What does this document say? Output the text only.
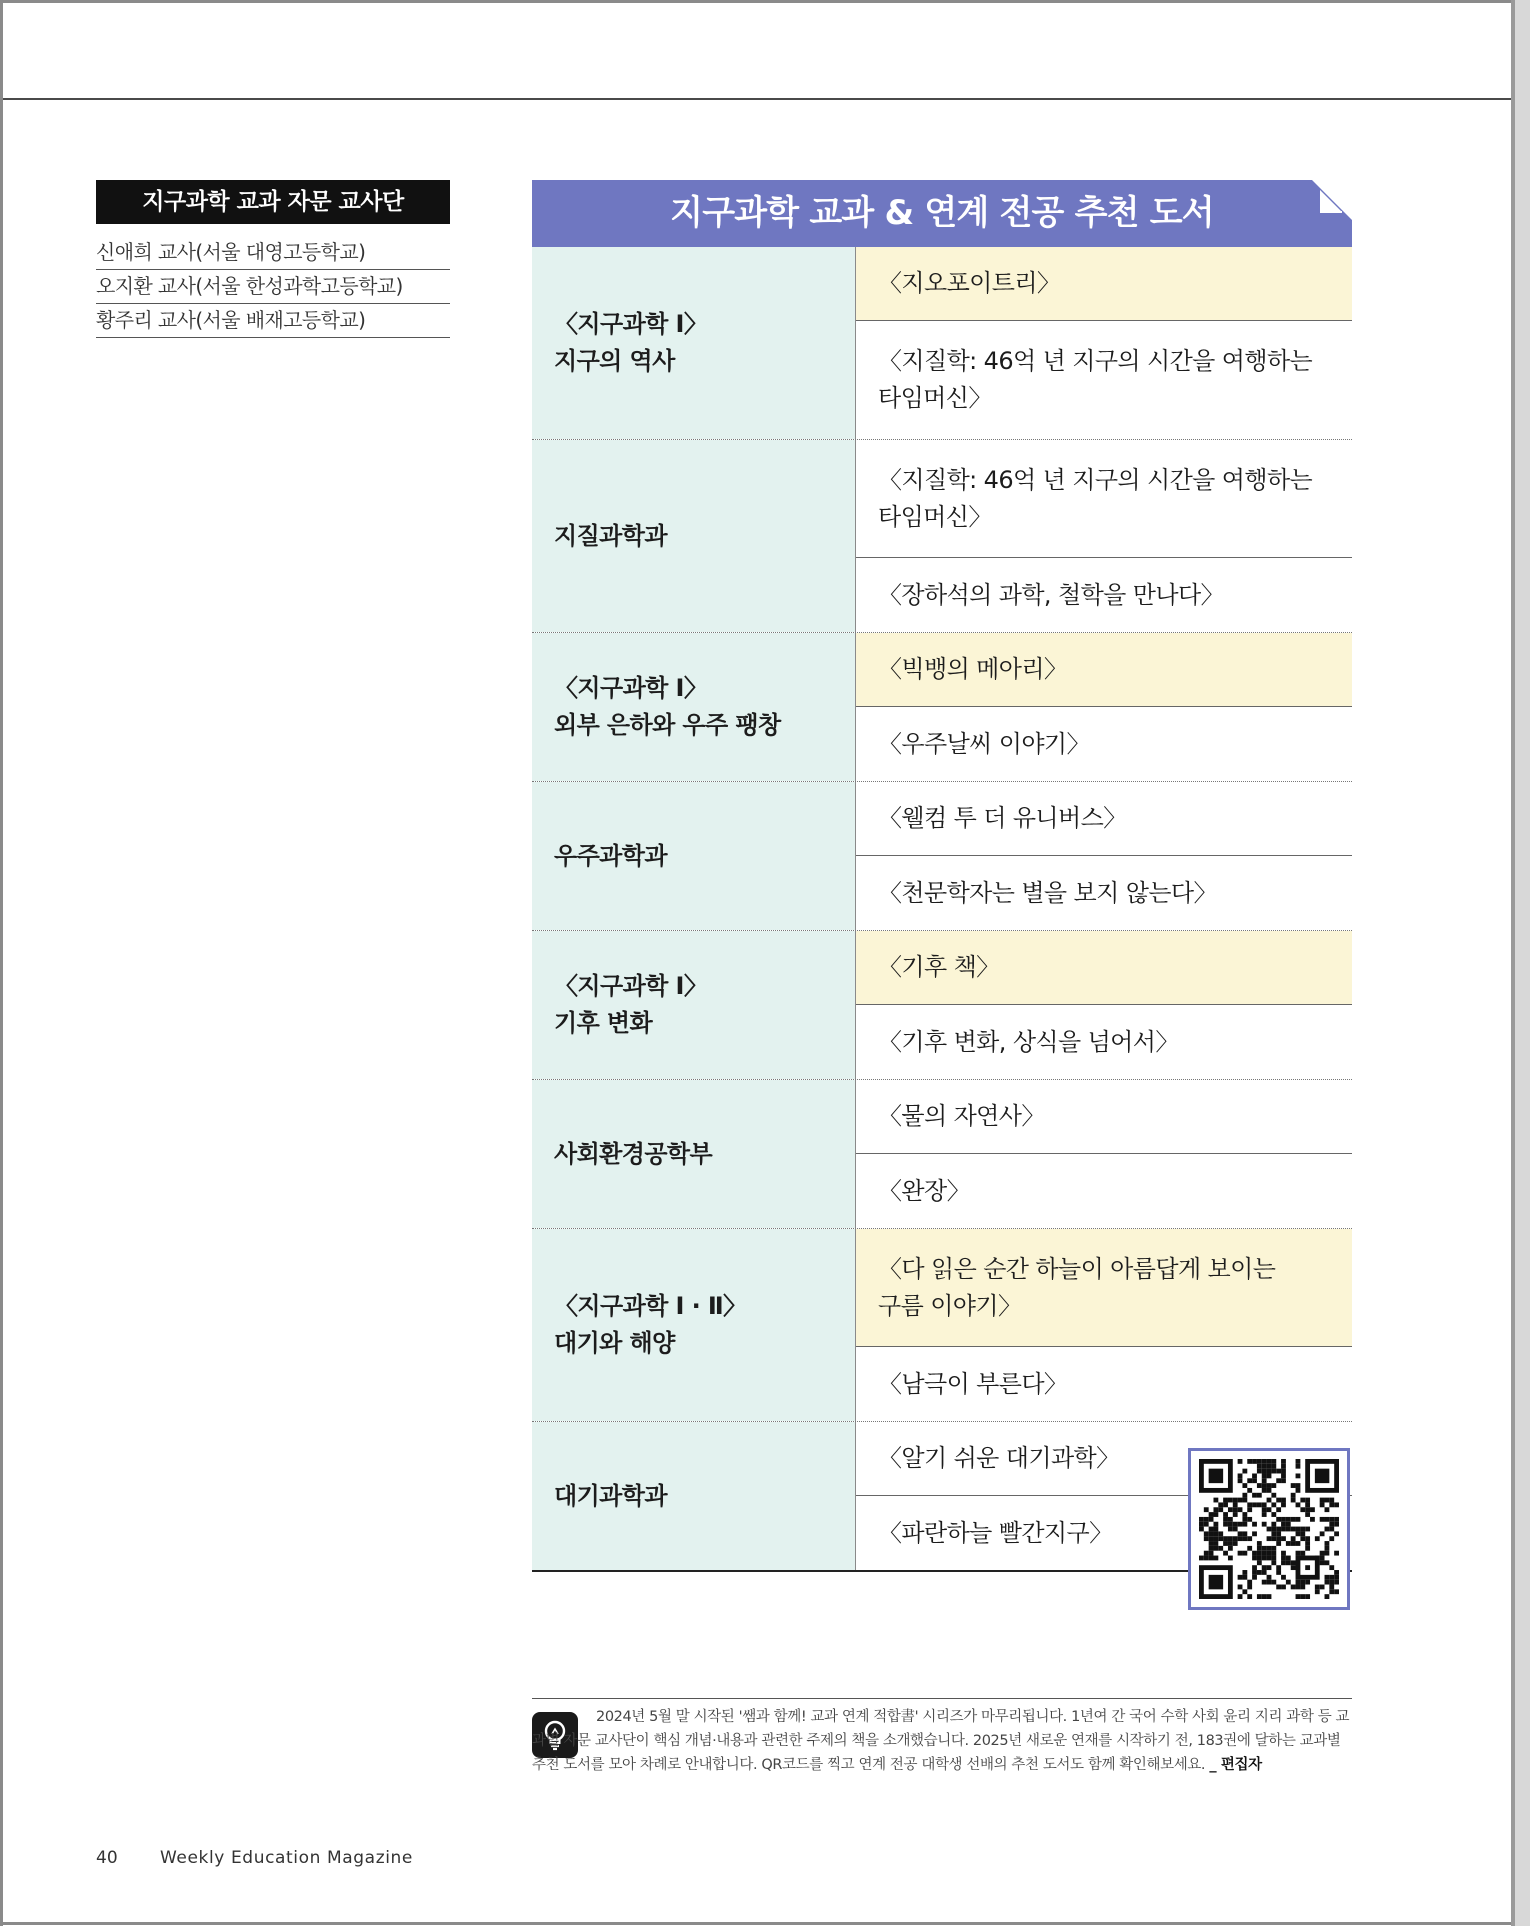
지구과학 교과 자문 교사단
신애희 교사(서울 대영고등학교)
오지환 교사(서울 한성과학고등학교)
황주리 교사(서울 배재고등학교)
지구과학 교과 & 연계 전공 추천 도서
〈지구과학 Ⅰ〉
지구의 역사
〈지오포이트리〉
〈지질학: 46억 년 지구의 시간을 여행하는
타임머신〉
지질과학과
〈지질학: 46억 년 지구의 시간을 여행하는
타임머신〉
〈장하석의 과학, 철학을 만나다〉
〈지구과학 Ⅰ〉
외부 은하와 우주 팽창
〈빅뱅의 메아리〉
〈우주날씨 이야기〉
우주과학과
〈웰컴 투 더 유니버스〉
〈천문학자는 별을 보지 않는다〉
〈지구과학 Ⅰ〉
기후 변화
〈기후 책〉
〈기후 변화, 상식을 넘어서〉
사회환경공학부
〈물의 자연사〉
〈완장〉
〈지구과학 Ⅰ · Ⅱ〉
대기와 해양
〈다 읽은 순간 하늘이 아름답게 보이는
구름 이야기〉
〈남극이 부른다〉
대기과학과
〈알기 쉬운 대기과학〉
〈파란하늘 빨간지구〉
2024년 5월 말 시작된 '쌤과 함께! 교과 연계 적합書' 시리즈가 마무리됩니다. 1년여 간 국어 수학 사회 윤리 지리 과학 등 교과별 자문 교사단이 핵심 개념·내용과 관련한 주제의 책을 소개했습니다. 2025년 새로운 연재를 시작하기 전, 183권에 달하는 교과별 추천 도서를 모아 차례로 안내합니다. QR코드를 찍고 연계 전공 대학생 선배의 추천 도서도 함께 확인해보세요. _ 편집자
40 Weekly Education Magazine
